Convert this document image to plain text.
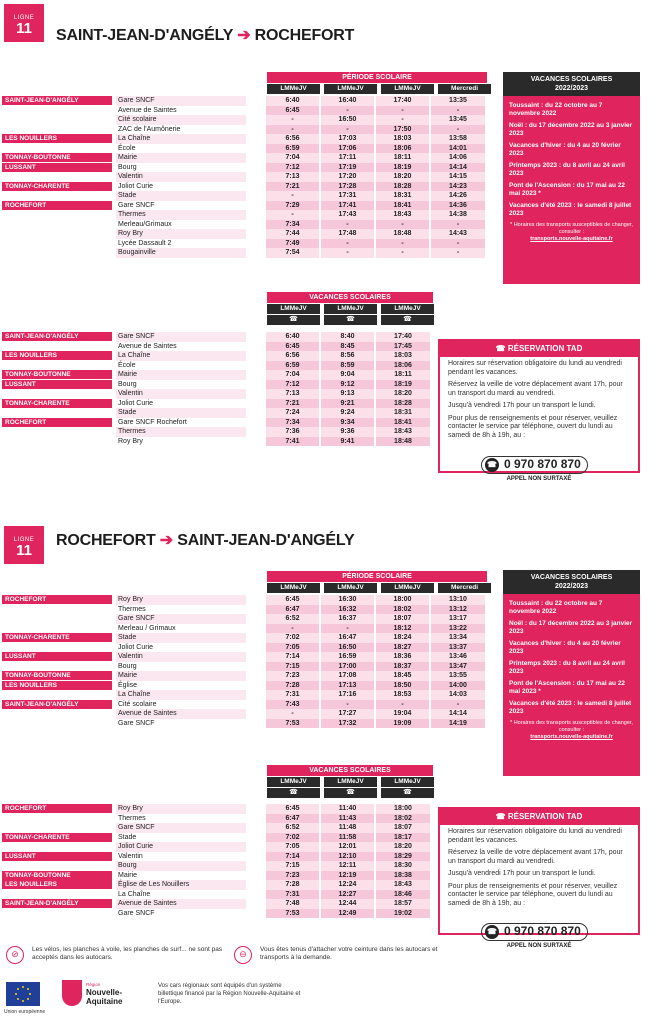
LIGNE
11	SAINT-JEAN-D'ANGÉLY ➔ ROCHEFORT
PÉRIODE SCOLAIRE
SAINT-JEAN-D'ANGÉLY	Gare SNCF		6:40	16:40	17:40	13:35
	Avenue de Saintes		6:45	-	-	-
	Cité scolaire		-	16:50	-	13:45
	ZAC de l'Aumônerie		-	-	17:50	-
LES NOUILLERS	La Chaîne		6:56	17:03	18:03	13:58
	École		6:59	17:06	18:06	14:01
TONNAY-BOUTONNE	Mairie		7:04	17:11	18:11	14:06
LUSSANT	Bourg		7:12	17:19	18:19	14:14
	Valentin		7:13	17:20	18:20	14:15
TONNAY-CHARENTE	Joliot Curie		7:21	17:28	18:28	14:23
	Stade		-	17:31	18:31	14:26
ROCHEFORT	Gare SNCF		7:29	17:41	18:41	14:36
	Thermes		-	17:43	18:43	14:38
	Merleau/Grimaux		7:34	-	-	-
	Roy Bry		7:44	17:48	18:48	14:43
	Lycée Dassault 2		7:49	-	-	-
	Bougainville		7:54	-	-	-
VACANCES SCOLAIRES
2022/2023

Toussaint : du 22 octobre au 7 novembre 2022

Noël : du 17 décembre 2022 au 3 janvier 2023

Vacances d'hiver : du 4 au 20 février 2023

Printemps 2023 : du 8 avril au 24 avril 2023

Pont de l'Ascension : du 17 mai au 22 mai 2023 *

Vacances d'été 2023 : le samedi 8 juillet 2023

* Horaires des transports susceptibles de changer, consulter :
transports.nouvelle-aquitaine.fr
VACANCES SCOLAIRES
SAINT-JEAN-D'ANGÉLY	Gare SNCF		6:40	8:40	17:40
	Avenue de Saintes		6:45	8:45	17:45
LES NOUILLERS	La Chaîne		6:56	8:56	18:03
	École		6:59	8:59	18:06
TONNAY-BOUTONNE	Mairie		7:04	9:04	18:11
LUSSANT	Bourg		7:12	9:12	18:19
	Valentin		7:13	9:13	18:20
TONNAY-CHARENTE	Joliot Curie		7:21	9:21	18:28
	Stade		7:24	9:24	18:31
ROCHEFORT	Gare SNCF Rochefort		7:34	9:34	18:41
	Thermes		7:36	9:36	18:43
	Roy Bry		7:41	9:41	18:48
☎ RÉSERVATION TAD

Horaires sur réservation obligatoire du lundi au vendredi pendant les vacances.

Réservez la veille de votre déplacement avant 17h, pour un transport du mardi au vendredi.

Jusqu'à vendredi 17h pour un transport le lundi.

Pour plus de renseignements et pour réserver, veuillez contacter le service par téléphone, ouvert du lundi au samedi de 8h à 19h, au :

☎ 0 970 870 870
APPEL NON SURTAXÉ
LIGNE
11
ROCHEFORT ➔ SAINT-JEAN-D'ANGÉLY
PÉRIODE SCOLAIRE
ROCHEFORT	Roy Bry		6:45	16:30	18:00	13:10
	Thermes		6:47	16:32	18:02	13:12
	Gare SNCF		6:52	16:37	18:07	13:17
	Merleau / Grimaux		-	-	18:12	13:22
TONNAY-CHARENTE	Stade		7:02	16:47	18:24	13:34
	Joliot Curie		7:05	16:50	18:27	13:37
LUSSANT	Valentin		7:14	16:59	18:36	13:46
	Bourg		7:15	17:00	18:37	13:47
TONNAY-BOUTONNE	Mairie		7:23	17:08	18:45	13:55
LES NOUILLERS	Église		7:28	17:13	18:50	14:00
	La Chaîne		7:31	17:16	18:53	14:03
SAINT-JEAN-D'ANGÉLY	Cité scolaire		7:43	-	-	-
	Avenue de Saintes		-	17:27	19:04	14:14
	Gare SNCF		7:53	17:32	19:09	14:19
VACANCES SCOLAIRES
2022/2023

Toussaint : du 22 octobre au 7 novembre 2022

Noël : du 17 décembre 2022 au 3 janvier 2023

Vacances d'hiver : du 4 au 20 février 2023

Printemps 2023 : du 8 avril au 24 avril 2023

Pont de l'Ascension : du 17 mai au 22 mai 2023 *

Vacances d'été 2023 : le samedi 8 juillet 2023

* Horaires des transports susceptibles de changer, consulter :
transports.nouvelle-aquitaine.fr
VACANCES SCOLAIRES
ROCHEFORT	Roy Bry		6:45	11:40	18:00
	Thermes		6:47	11:43	18:02
	Gare SNCF		6:52	11:48	18:07
TONNAY-CHARENTE	Stade		7:02	11:58	18:17
	Joliot Curie		7:05	12:01	18:20
LUSSANT	Valentin		7:14	12:10	18:29
	Bourg		7:15	12:11	18:30
TONNAY-BOUTONNE	Mairie		7:23	12:19	18:38
LES NOUILLERS	Église de Les Nouillers		7:28	12:24	18:43
	La Chaîne		7:31	12:27	18:46
SAINT-JEAN-D'ANGÉLY	Avenue de Saintes		7:48	12:44	18:57
	Gare SNCF		7:53	12:49	19:02
☎ RÉSERVATION TAD

Horaires sur réservation obligatoire du lundi au vendredi pendant les vacances.

Réservez la veille de votre déplacement avant 17h, pour un transport du mardi au vendredi.

Jusqu'à vendredi 17h pour un transport le lundi.

Pour plus de renseignements et pour réserver, veuillez contacter le service par téléphone, ouvert du lundi au samedi de 8h à 19h, au :

☎ 0 970 870 870
APPEL NON SURTAXÉ
⊘	Les vélos, les planches à voile, les planches de surf... ne sont pas acceptés dans les autocars.	⊖	Vous êtes tenus d'attacher votre ceinture dans les autocars et transports à la demande.
Union européenne
Région
Nouvelle-Aquitaine
Vos cars régionaux sont équipés d'un système billettique financé par la Région Nouvelle-Aquitaine et l'Europe.
LMMeJV	LMMeJV	LMMeJV	Mercredi
LMMeJV
☎
LMMeJV
☎
LMMeJV
☎
LMMeJV	LMMeJV	LMMeJV	Mercredi
LMMeJV
☎
LMMeJV
☎
LMMeJV
☎
